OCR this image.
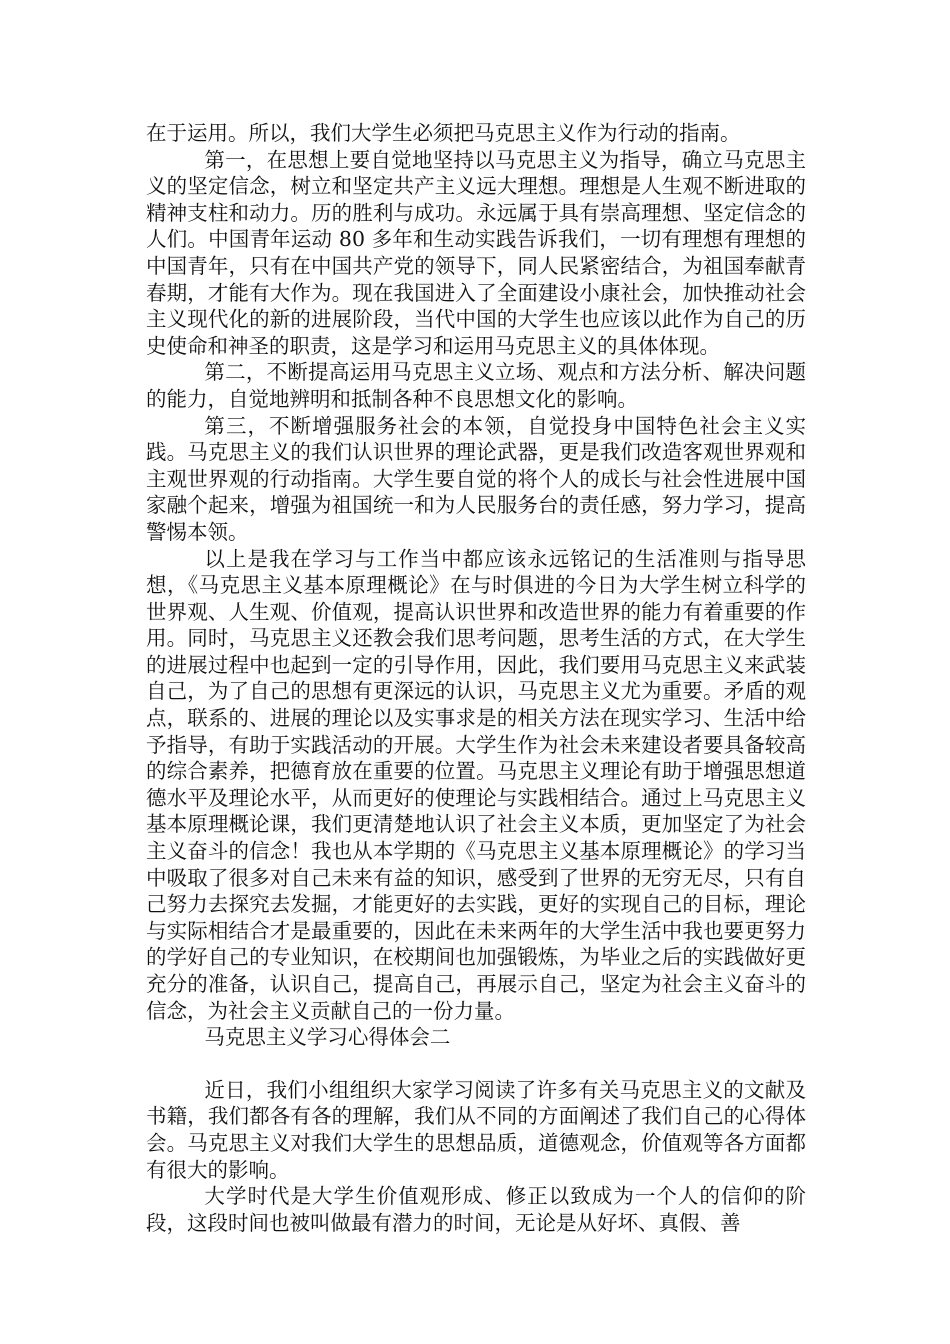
在于运用。所以，我们大学生必须把马克思主义作为行动的指南。

第一，在思想上要自觉地坚持以马克思主义为指导，确立马克思主义的坚定信念，树立和坚定共产主义远大理想。理想是人生观不断进取的精神支柱和动力。历的胜利与成功。永远属于具有崇高理想、坚定信念的人们。中国青年运动 80 多年和生动实践告诉我们，一切有理想有理想的中国青年，只有在中国共产党的领导下，同人民紧密结合，为祖国奉献青春期，才能有大作为。现在我国进入了全面建设小康社会，加快推动社会主义现代化的新的进展阶段，当代中国的大学生也应该以此作为自己的历史使命和神圣的职责，这是学习和运用马克思主义的具体体现。

第二，不断提高运用马克思主义立场、观点和方法分析、解决问题的能力，自觉地辨明和抵制各种不良思想文化的影响。

第三，不断增强服务社会的本领，自觉投身中国特色社会主义实践。马克思主义的我们认识世界的理论武器，更是我们改造客观世界观和主观世界观的行动指南。大学生要自觉的将个人的成长与社会性进展中国家融个起来，增强为祖国统一和为人民服务台的责任感，努力学习，提高警惕本领。

以上是我在学习与工作当中都应该永远铭记的生活准则与指导思想，《马克思主义基本原理概论》在与时俱进的今日为大学生树立科学的世界观、人生观、价值观，提高认识世界和改造世界的能力有着重要的作用。同时，马克思主义还教会我们思考问题，思考生活的方式，在大学生的进展过程中也起到一定的引导作用，因此，我们要用马克思主义来武装自己，为了自己的思想有更深远的认识，马克思主义尤为重要。矛盾的观点，联系的、进展的理论以及实事求是的相关方法在现实学习、生活中给予指导，有助于实践活动的开展。大学生作为社会未来建设者要具备较高的综合素养，把德育放在重要的位置。马克思主义理论有助于增强思想道德水平及理论水平，从而更好的使理论与实践相结合。通过上马克思主义基本原理概论课，我们更清楚地认识了社会主义本质，更加坚定了为社会主义奋斗的信念！我也从本学期的《马克思主义基本原理概论》的学习当中吸取了很多对自己未来有益的知识，感受到了世界的无穷无尽，只有自己努力去探究去发掘，才能更好的去实践，更好的实现自己的目标，理论与实际相结合才是最重要的，因此在未来两年的大学生活中我也要更努力的学好自己的专业知识，在校期间也加强锻炼，为毕业之后的实践做好更充分的准备，认识自己，提高自己，再展示自己，坚定为社会主义奋斗的信念，为社会主义贡献自己的一份力量。

马克思主义学习心得体会二

近日，我们小组组织大家学习阅读了许多有关马克思主义的文献及书籍，我们都各有各的理解，我们从不同的方面阐述了我们自己的心得体会。马克思主义对我们大学生的思想品质，道德观念，价值观等各方面都有很大的影响。

大学时代是大学生价值观形成、修正以致成为一个人的信仰的阶段，这段时间也被叫做最有潜力的时间，无论是从好坏、真假、善
